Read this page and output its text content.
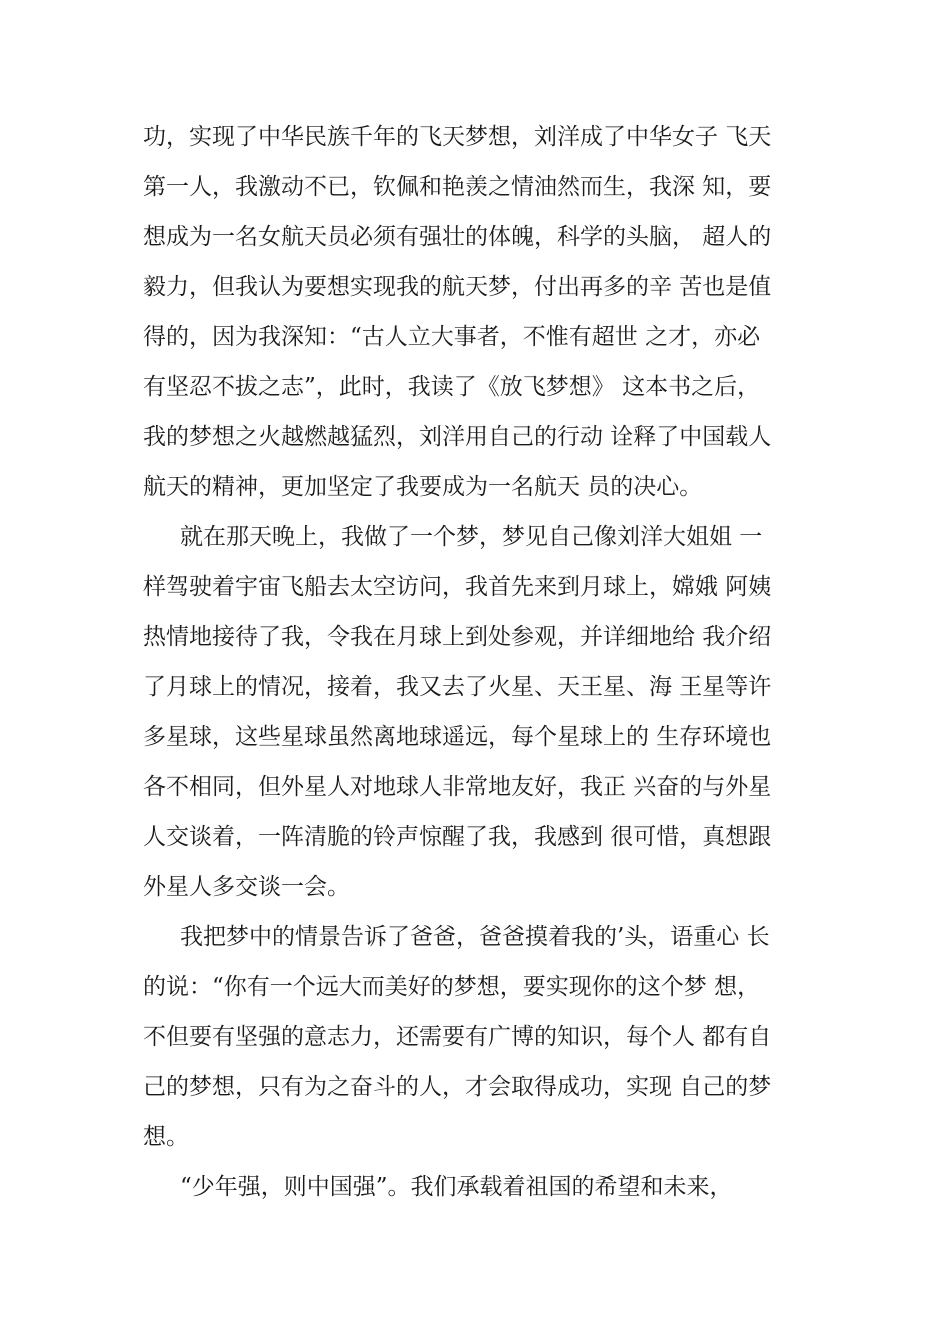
功，实现了中华民族千年的飞天梦想，刘洋成了中华女子 飞天
第一人，我激动不已，钦佩和艳羡之情油然而生，我深 知，要
想成为一名女航天员必须有强壮的体魄，科学的头脑， 超人的
毅力，但我认为要想实现我的航天梦，付出再多的辛 苦也是值
得的，因为我深知：“古人立大事者，不惟有超世 之才，亦必
有坚忍不拔之志”，此时，我读了《放飞梦想》 这本书之后，
我的梦想之火越燃越猛烈，刘洋用自己的行动 诠释了中国载人
航天的精神，更加坚定了我要成为一名航天 员的决心。
就在那天晚上，我做了一个梦，梦见自己像刘洋大姐姐 一
样驾驶着宇宙飞船去太空访问，我首先来到月球上，嫦娥 阿姨
热情地接待了我，令我在月球上到处参观，并详细地给 我介绍
了月球上的情况，接着，我又去了火星、天王星、海 王星等许
多星球，这些星球虽然离地球遥远，每个星球上的 生存环境也
各不相同，但外星人对地球人非常地友好，我正 兴奋的与外星
人交谈着，一阵清脆的铃声惊醒了我，我感到 很可惜，真想跟
外星人多交谈一会。
我把梦中的情景告诉了爸爸，爸爸摸着我的’头，语重心 长
的说：“你有一个远大而美好的梦想，要实现你的这个梦 想，
不但要有坚强的意志力，还需要有广博的知识，每个人 都有自
己的梦想，只有为之奋斗的人，才会取得成功，实现 自己的梦
想。
“少年强，则中国强”。我们承载着祖国的希望和未来，
